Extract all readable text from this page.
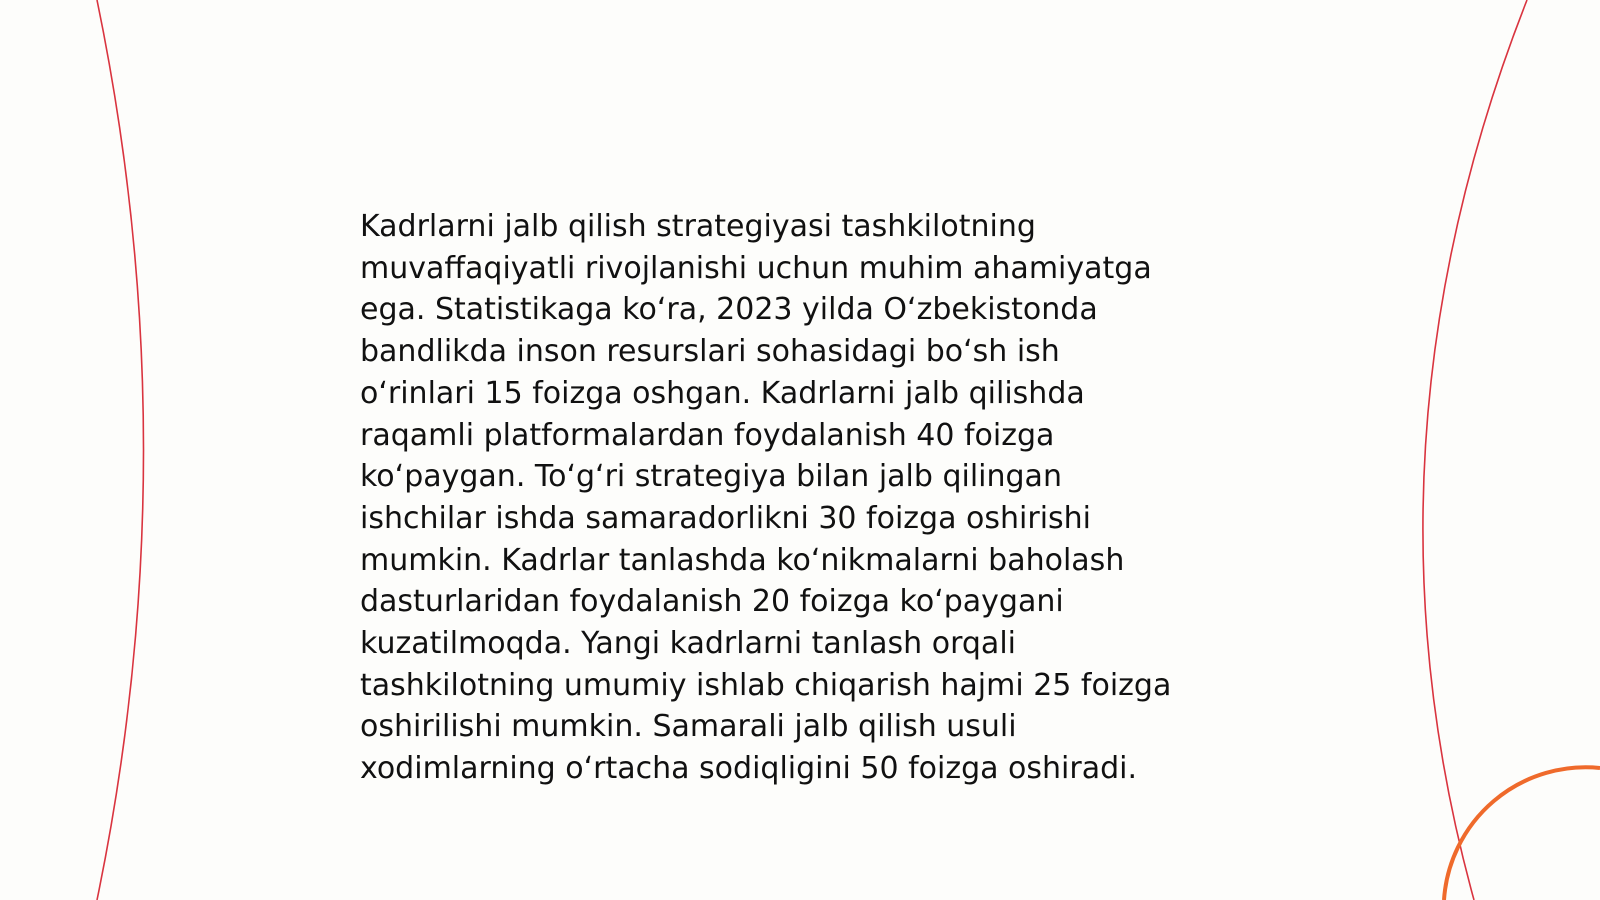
Kadrlarni jalb qilish strategiyasi tashkilotning
muvaffaqiyatli rivojlanishi uchun muhim ahamiyatga
ega. Statistikaga ko‘ra, 2023 yilda O‘zbekistonda
bandlikda inson resurslari sohasidagi bo‘sh ish
o‘rinlari 15 foizga oshgan. Kadrlarni jalb qilishda
raqamli platformalardan foydalanish 40 foizga
ko‘paygan. To‘g‘ri strategiya bilan jalb qilingan
ishchilar ishda samaradorlikni 30 foizga oshirishi
mumkin. Kadrlar tanlashda ko‘nikmalarni baholash
dasturlaridan foydalanish 20 foizga ko‘paygani
kuzatilmoqda. Yangi kadrlarni tanlash orqali
tashkilotning umumiy ishlab chiqarish hajmi 25 foizga
oshirilishi mumkin. Samarali jalb qilish usuli
xodimlarning o‘rtacha sodiqligini 50 foizga oshiradi.
